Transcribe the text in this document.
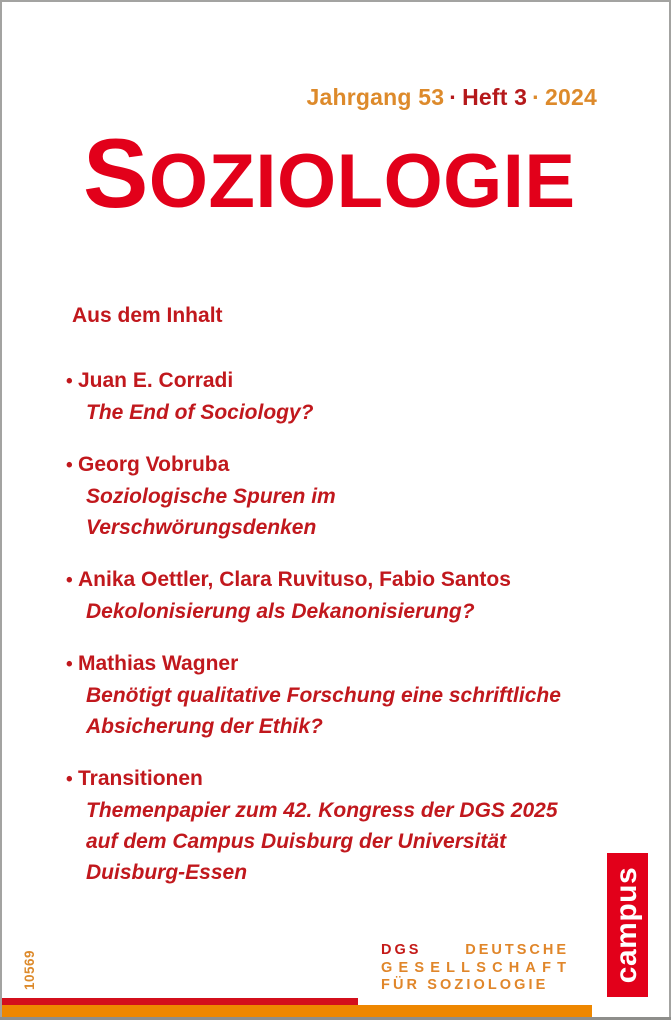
Jahrgang 53 · Heft 3 · 2024
S OZIOLOGIE
Aus dem Inhalt
• Juan E. Corradi
The End of Sociology?
• Georg Vobruba
Soziologische Spuren im Verschwörungsdenken
• Anika Oettler, Clara Ruvituso, Fabio Santos
Dekolonisierung als Dekanonisierung?
• Mathias Wagner
Benötigt qualitative Forschung eine schriftliche Absicherung der Ethik?
• Transitionen
Themenpapier zum 42. Kongress der DGS 2025 auf dem Campus Duisburg der Universität Duisburg-Essen
10569	DGS	DEUTSCHE
GESELLSCHAFT
FÜR SOZIOLOGIE
campus
